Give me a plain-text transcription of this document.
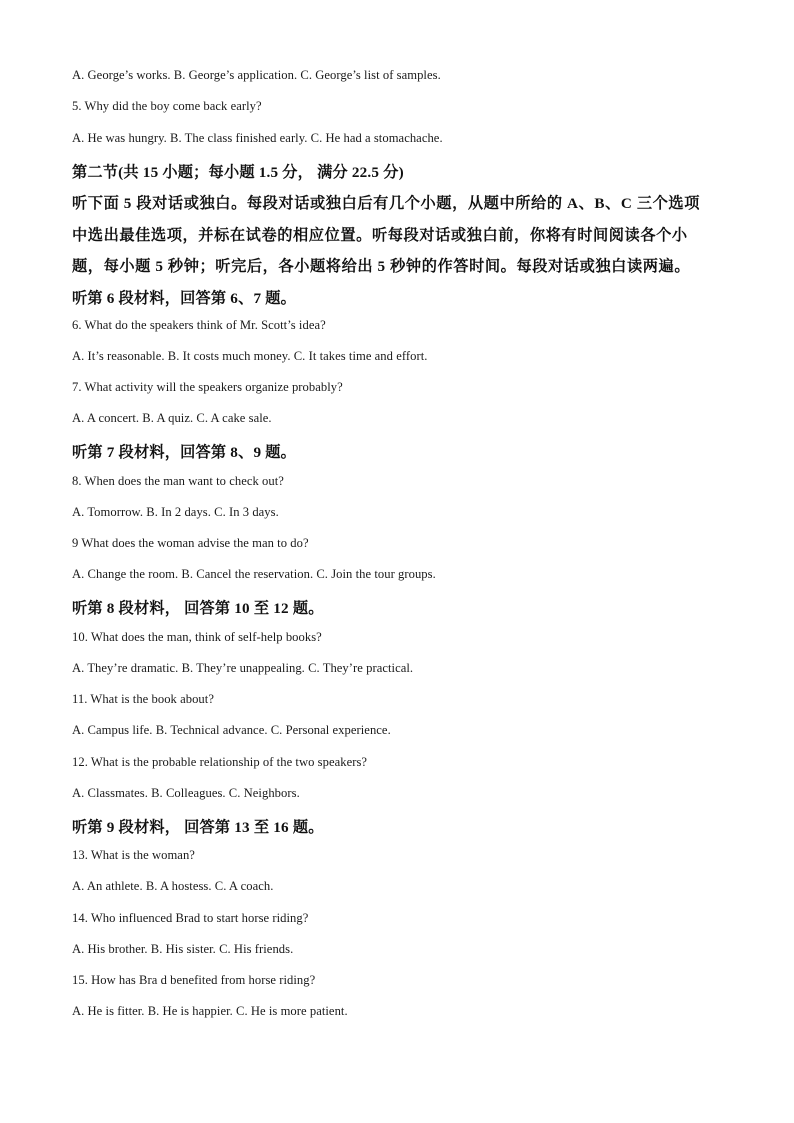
A. George’s works. B. George’s application. C. George’s list of samples.
5. Why did the boy come back early?
A. He was hungry. B. The class finished early. C. He had a stomachache.
第二节(共 15 小题；每小题 1.5 分， 满分 22.5 分)
听下面 5 段对话或独白。每段对话或独白后有几个小题，从题中所给的 A、B、C 三个选项
中选出最佳选项，并标在试卷的相应位置。听每段对话或独白前，你将有时间阅读各个小
题，每小题 5 秒钟；听完后，各小题将给出 5 秒钟的作答时间。每段对话或独白读两遍。
听第 6 段材料，回答第 6、7 题。
6. What do the speakers think of Mr. Scott’s idea?
A. It’s reasonable. B. It costs much money. C. It takes time and effort.
7. What activity will the speakers organize probably?
A. A concert. B. A quiz. C. A cake sale.
听第 7 段材料，回答第 8、9 题。
8. When does the man want to check out?
A. Tomorrow. B. In 2 days. C. In 3 days.
9 What does the woman advise the man to do?
A. Change the room. B. Cancel the reservation. C. Join the tour groups.
听第 8 段材料， 回答第 10 至 12 题。
10. What does the man, think of self-help books?
A. They’re dramatic. B. They’re unappealing. C. They’re practical.
11. What is the book about?
A. Campus life. B. Technical advance. C. Personal experience.
12. What is the probable relationship of the two speakers?
A. Classmates. B. Colleagues. C. Neighbors.
听第 9 段材料， 回答第 13 至 16 题。
13. What is the woman?
A. An athlete. B. A hostess. C. A coach.
14. Who influenced Brad to start horse riding?
A. His brother. B. His sister. C. His friends.
15. How has Bra d benefited from horse riding?
A. He is fitter. B. He is happier. C. He is more patient.
